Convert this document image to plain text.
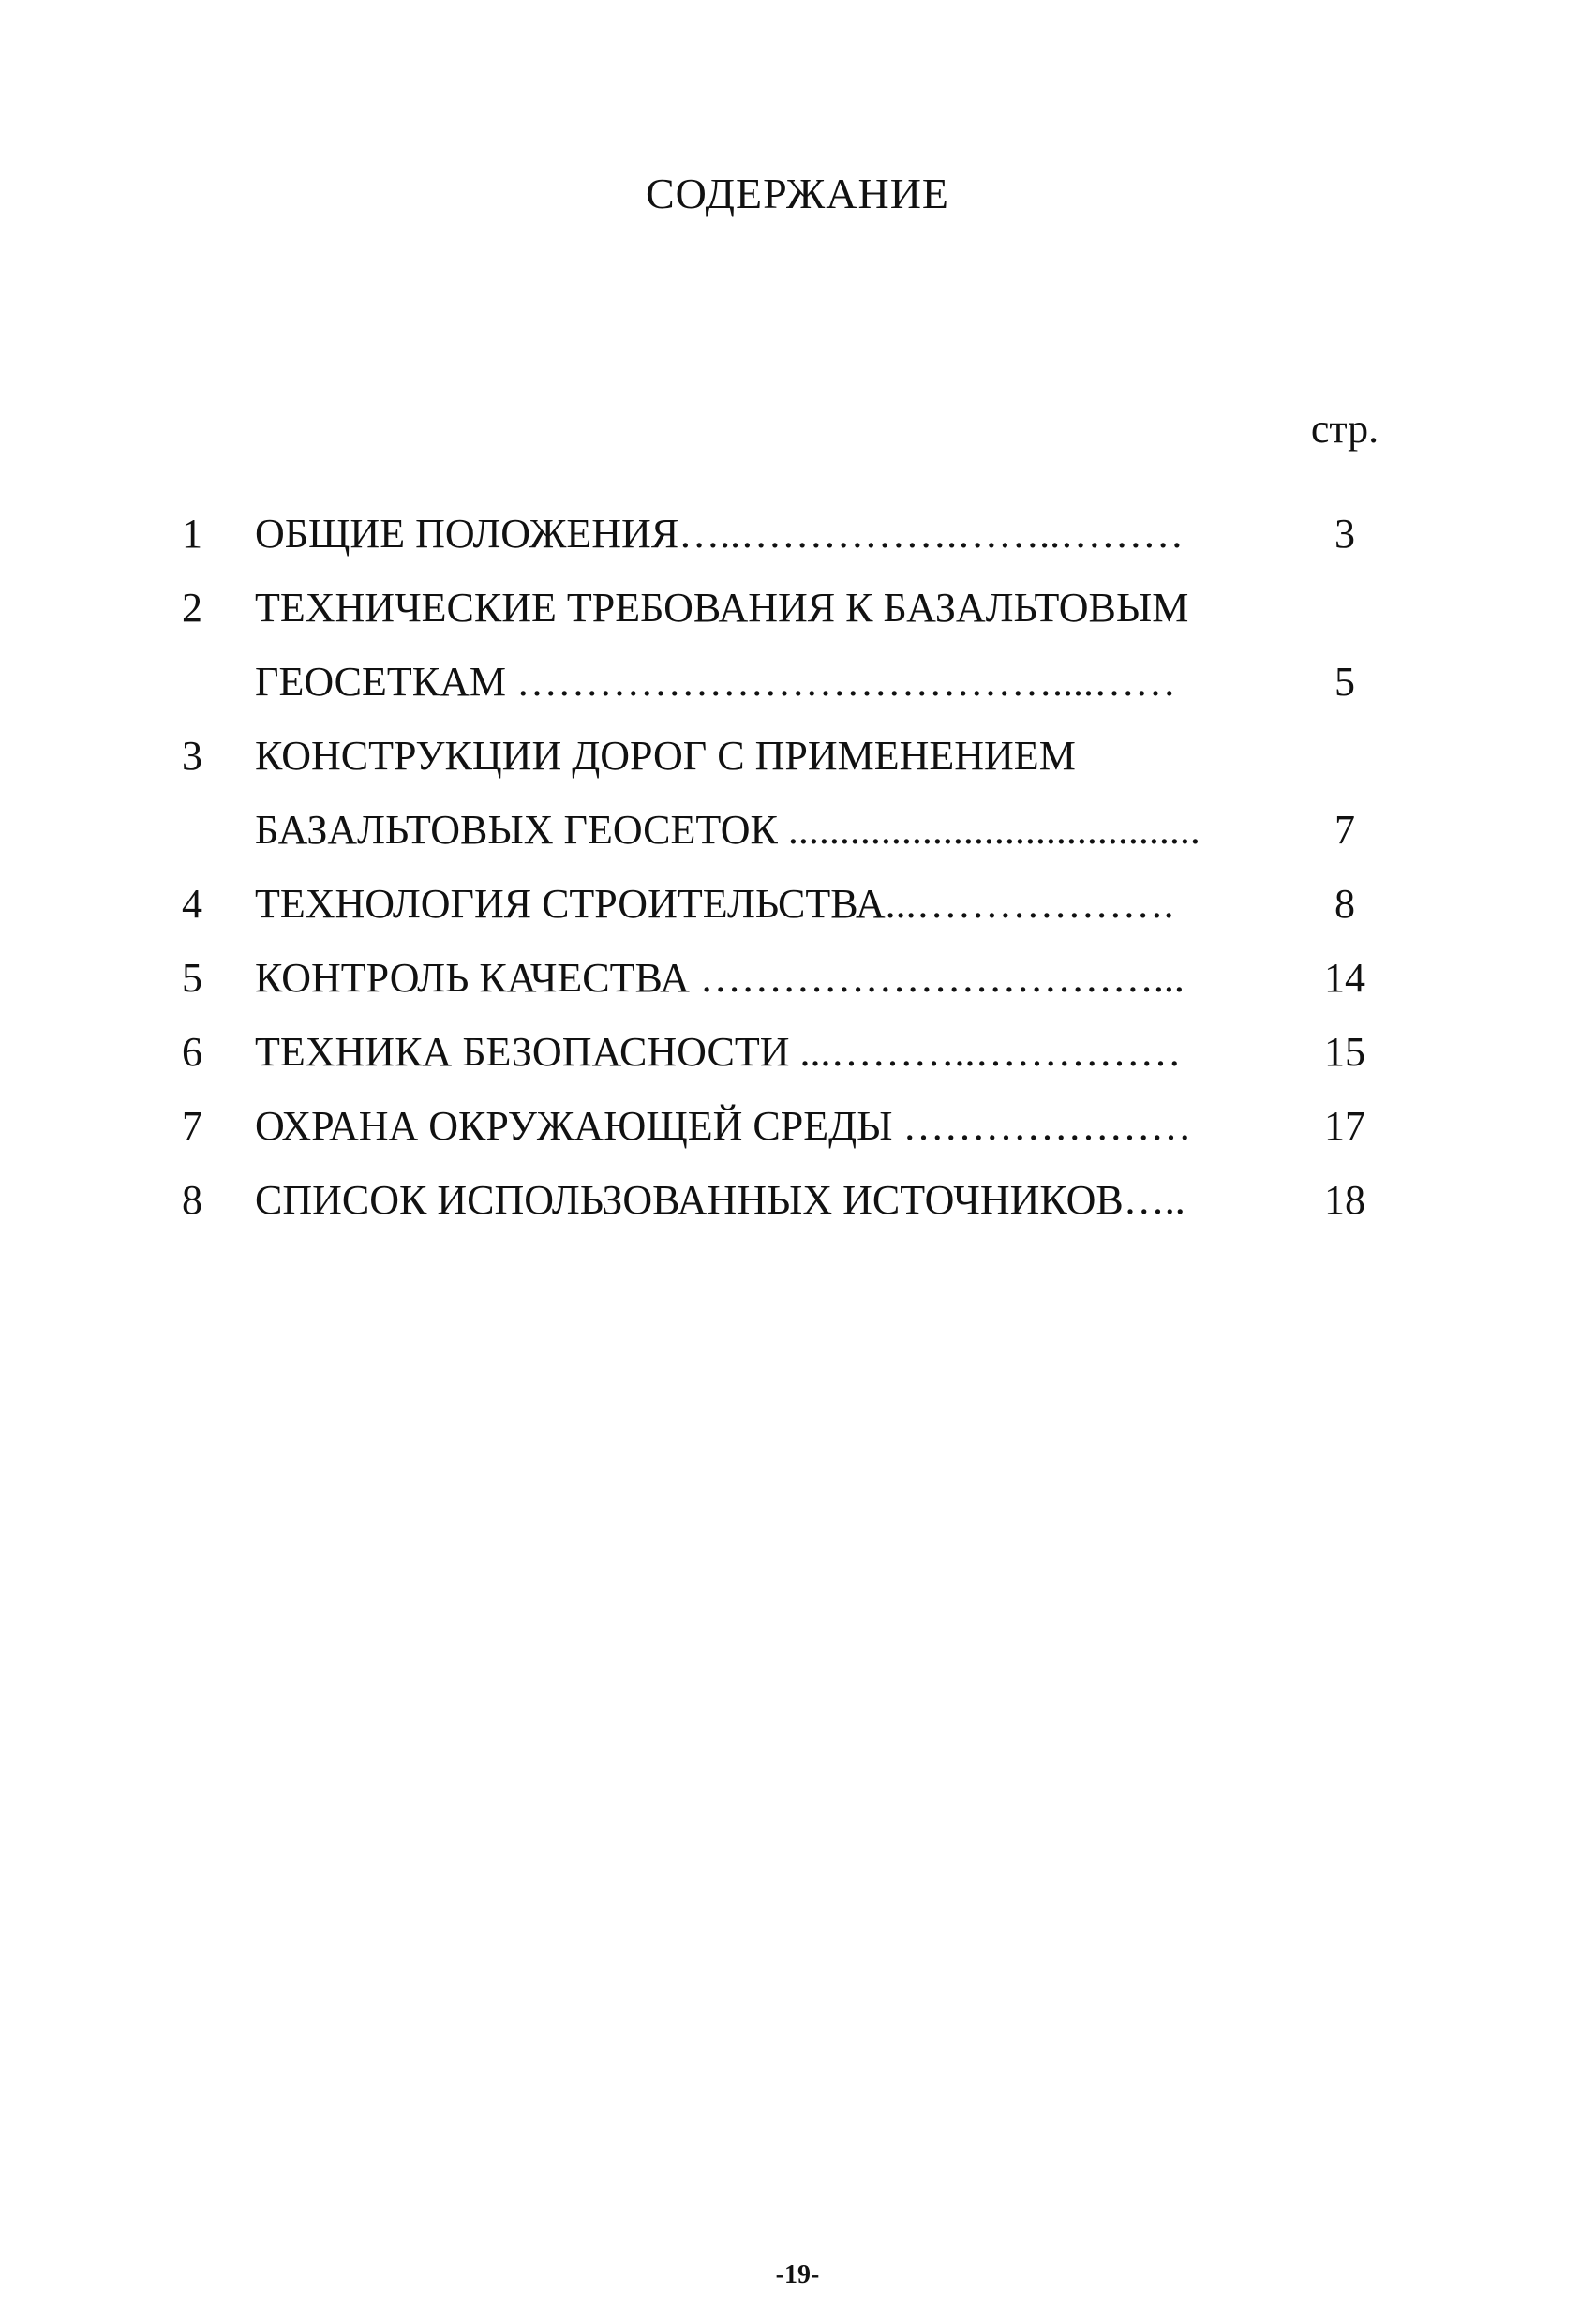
СОДЕРЖАНИЕ
стр.
1 ОБЩИЕ ПОЛОЖЕНИЯ…..…………….……..………	3
2 ТЕХНИЧЕСКИЕ ТРЕБОВАНИЯ К БАЗАЛЬТОВЫМ
ГЕОСЕТКАМ …………………………………....……	5
3 КОНСТРУКЦИИ ДОРОГ С ПРИМЕНЕНИЕМ
БАЗАЛЬТОВЫХ ГЕОСЕТОК ........................................	7
4 ТЕХНОЛОГИЯ СТРОИТЕЛЬСТВА...……………….	8
5 КОНТРОЛЬ КАЧЕСТВА ……………………………...	14
6 ТЕХНИКА БЕЗОПАСНОСТИ ...………..……………	15
7 ОХРАНА ОКРУЖАЮЩЕЙ СРЕДЫ …………………	17
8 СПИСОК ИСПОЛЬЗОВАННЫХ ИСТОЧНИКОВ…..	18
-19-
